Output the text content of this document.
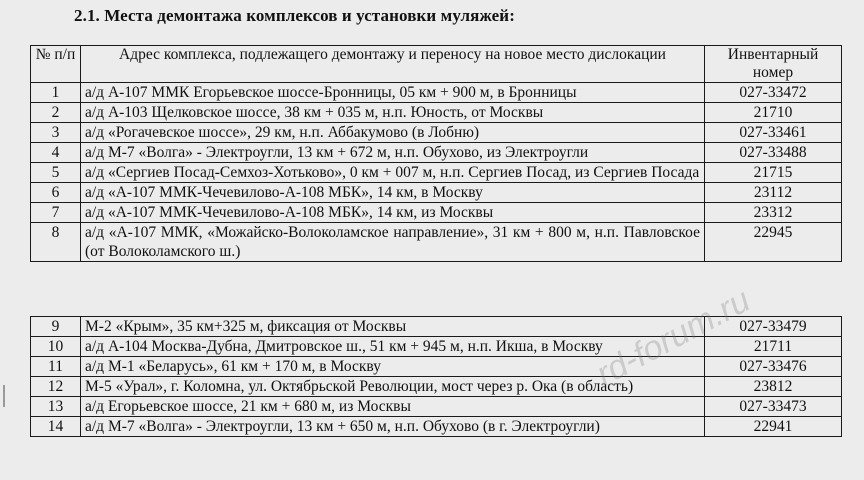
2.1. Места демонтажа комплексов и установки муляжей:
№ п/п	Адрес комплекса, подлежащего демонтажу и переносу на новое место дислокации	Инвентарный номер
1	а/д А-107 ММК Егорьевское шоссе-Бронницы, 05 км + 900 м, в Бронницы	027-33472
2	а/д А-103 Щелковское шоссе, 38 км + 035 м, н.п. Юность, от Москвы	21710
3	а/д «Рогачевское шоссе», 29 км, н.п. Аббакумово (в Лобню)	027-33461
4	а/д М-7 «Волга» - Электроугли, 13 км + 672 м, н.п. Обухово, из Электроугли	027-33488
5	а/д «Сергиев Посад-Семхоз-Хотьково», 0 км + 007 м, н.п. Сергиев Посад, из Сергиев Посада	21715
6	а/д «А-107 ММК-Чечевилово-А-108 МБК», 14 км, в Москву	23112
7	а/д «А-107 ММК-Чечевилово-А-108 МБК», 14 км, из Москвы	23312
8	а/д «А-107 ММК, «Можайско-Волоколамское направление», 31 км + 800 м, н.п. Павловское (от Волоколамского ш.)	22945
9	М-2 «Крым», 35 км+325 м, фиксация от Москвы	027-33479
10	а/д А-104 Москва-Дубна, Дмитровское ш., 51 км + 945 м, н.п. Икша, в Москву	21711
11	а/д М-1 «Беларусь», 61 км + 170 м, в Москву	027-33476
12	М-5 «Урал», г. Коломна, ул. Октябрьской Революции, мост через р. Ока (в область)	23812
13	а/д Егорьевское шоссе, 21 км + 680 м, из Москвы	027-33473
14	а/д М-7 «Волга» - Электроугли, 13 км + 650 м, н.п. Обухово (в г. Электроугли)	22941
rd-forum.ru
